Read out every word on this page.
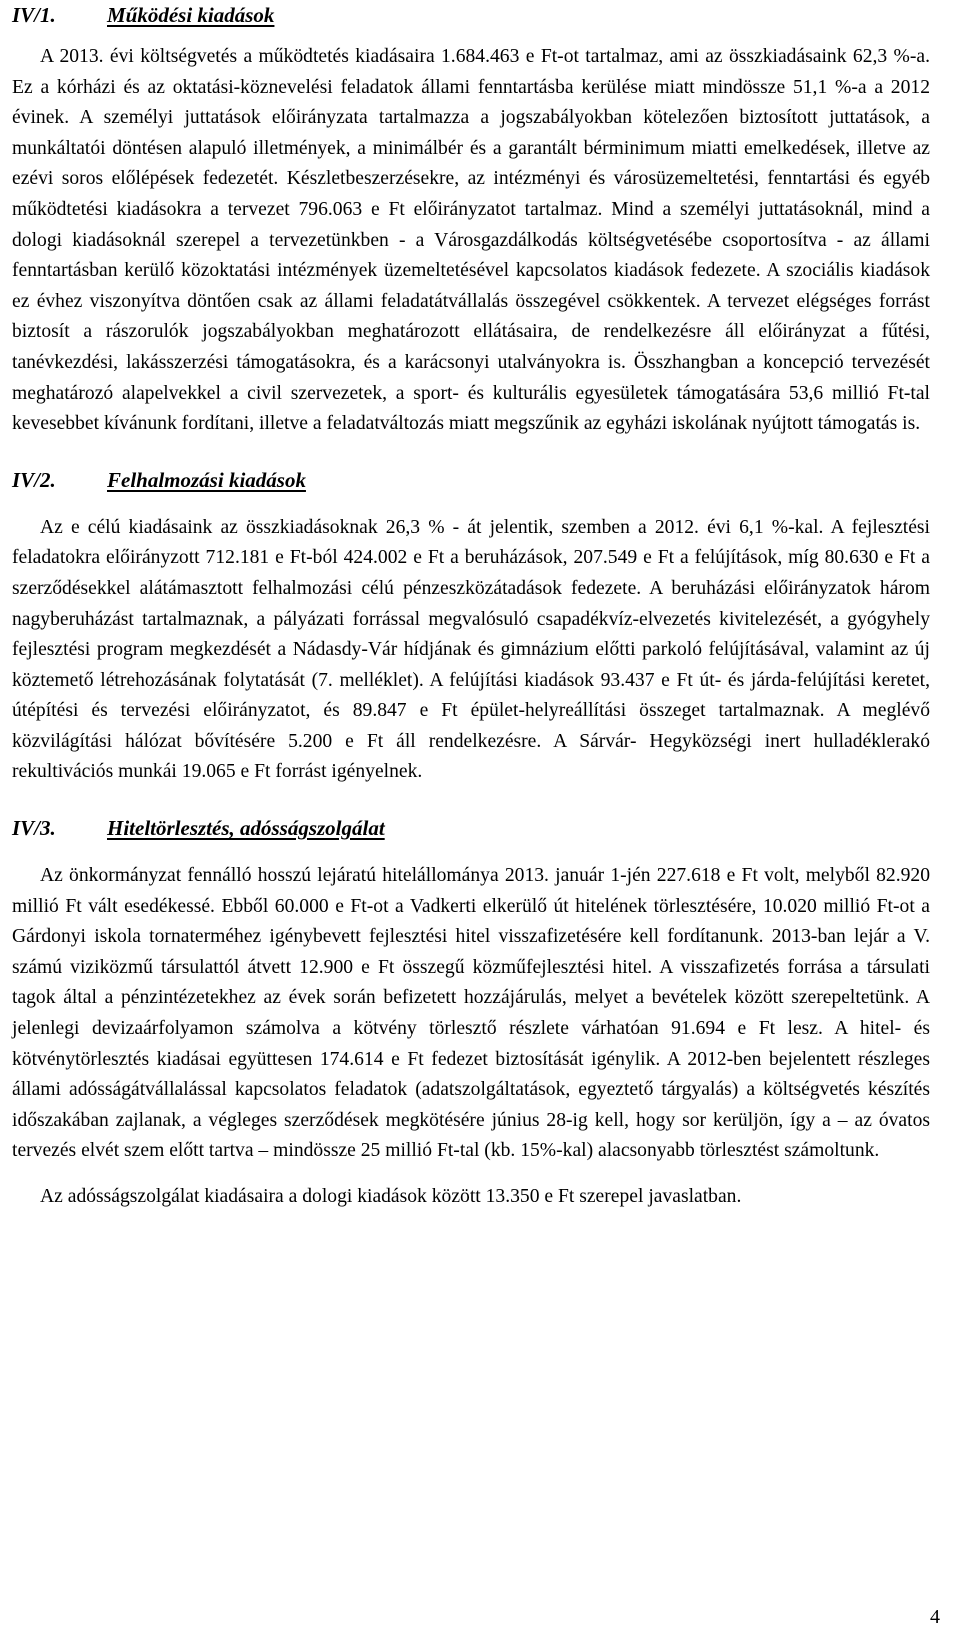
IV/1.	Működési kiadások

A 2013. évi költségvetés a működtetés kiadásaira 1.684.463 e Ft-ot tartalmaz, ami az összkiadásaink 62,3 %-a. Ez a kórházi és az oktatási-köznevelési feladatok állami fenntartásba kerülése miatt mindössze 51,1 %-a a 2012 évinek. A személyi juttatások előirányzata tartalmazza a jogszabályokban kötelezően biztosított juttatások, a munkáltatói döntésen alapuló illetmények, a minimálbér és a garantált bérminimum miatti emelkedések, illetve az ezévi soros előlépések fedezetét. Készletbeszerzésekre, az intézményi és városüzemeltetési, fenntartási és egyéb működtetési kiadásokra a tervezet 796.063 e Ft előirányzatot tartalmaz. Mind a személyi juttatásoknál, mind a dologi kiadásoknál szerepel a tervezetünkben - a Városgazdálkodás költségvetésébe csoportosítva - az állami fenntartásban kerülő közoktatási intézmények üzemeltetésével kapcsolatos kiadások fedezete. A szociális kiadások ez évhez viszonyítva döntően csak az állami feladatátvállalás összegével csökkentek. A tervezet elégséges forrást biztosít a rászorulók jogszabályokban meghatározott ellátásaira, de rendelkezésre áll előirányzat a fűtési, tanévkezdési, lakásszerzési támogatásokra, és a karácsonyi utalványokra is. Összhangban a koncepció tervezését meghatározó alapelvekkel a civil szervezetek, a sport- és kulturális egyesületek támogatására 53,6 millió Ft-tal kevesebbet kívánunk fordítani, illetve a feladatváltozás miatt megszűnik az egyházi iskolának nyújtott támogatás is.

IV/2.	Felhalmozási kiadások

Az e célú kiadásaink az összkiadásoknak 26,3 % - át jelentik, szemben a 2012. évi 6,1 %-kal. A fejlesztési feladatokra előirányzott 712.181 e Ft-ból 424.002 e Ft a beruházások, 207.549 e Ft a felújítások, míg 80.630 e Ft a szerződésekkel alátámasztott felhalmozási célú pénzeszközátadások fedezete. A beruházási előirányzatok három nagyberuházást tartalmaznak, a pályázati forrással megvalósuló csapadékvíz-elvezetés kivitelezését, a gyógyhely fejlesztési program megkezdését a Nádasdy-Vár hídjának és gimnázium előtti parkoló felújításával, valamint az új köztemető létrehozásának folytatását (7. melléklet). A felújítási kiadások 93.437 e Ft út- és járda-felújítási keretet, útépítési és tervezési előirányzatot, és 89.847 e Ft épület-helyreállítási összeget tartalmaznak. A meglévő közvilágítási hálózat bővítésére 5.200 e Ft áll rendelkezésre. A Sárvár- Hegyközségi inert hulladéklerakó rekultivációs munkái 19.065 e Ft forrást igényelnek.

IV/3.	Hiteltörlesztés, adósságszolgálat

Az önkormányzat fennálló hosszú lejáratú hitelállománya 2013. január 1-jén 227.618 e Ft volt, melyből 82.920 millió Ft vált esedékessé. Ebből 60.000 e Ft-ot a Vadkerti elkerülő út hitelének törlesztésére, 10.020 millió Ft-ot a Gárdonyi iskola tornaterméhez igénybevett fejlesztési hitel visszafizetésére kell fordítanunk. 2013-ban lejár a V. számú viziközmű társulattól átvett 12.900 e Ft összegű közműfejlesztési hitel. A visszafizetés forrása a társulati tagok által a pénzintézetekhez az évek során befizetett hozzájárulás, melyet a bevételek között szerepeltetünk. A jelenlegi devizaárfolyamon számolva a kötvény törlesztő részlete várhatóan 91.694 e Ft lesz. A hitel- és kötvénytörlesztés kiadásai együttesen 174.614 e Ft fedezet biztosítását igénylik. A 2012-ben bejelentett részleges állami adósságátvállalással kapcsolatos feladatok (adatszolgáltatások, egyeztető tárgyalás) a költségvetés készítés időszakában zajlanak, a végleges szerződések megkötésére június 28-ig kell, hogy sor kerüljön, így a – az óvatos tervezés elvét szem előtt tartva – mindössze 25 millió Ft-tal (kb. 15%-kal) alacsonyabb törlesztést számoltunk.

Az adósságszolgálat kiadásaira a dologi kiadások között 13.350 e Ft szerepel javaslatban.

4
